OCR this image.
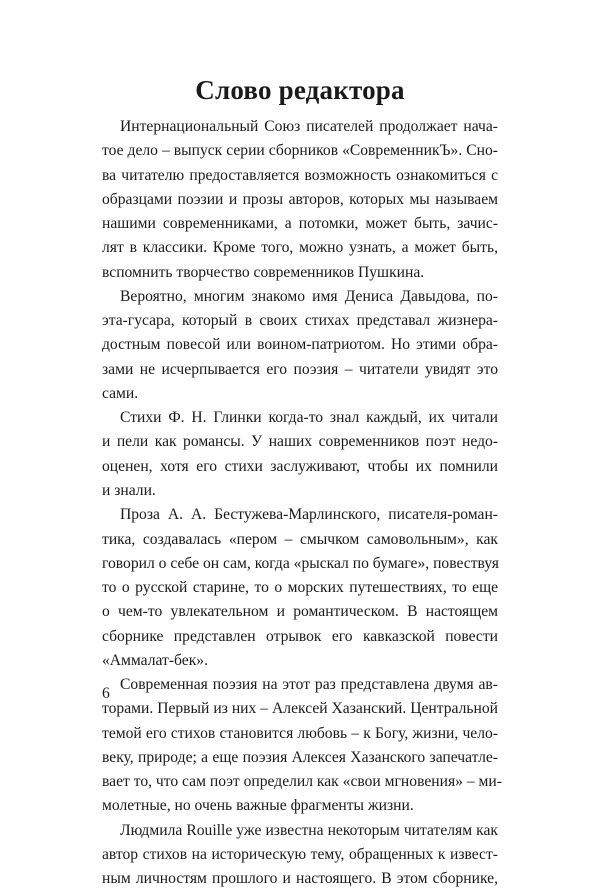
Слово редактора
Интернациональный Союз писателей продолжает нача-
тое дело – выпуск серии сборников «СовременникЪ». Сно-
ва читателю предоставляется возможность ознакомиться с
образцами поэзии и прозы авторов, которых мы называем
нашими современниками, а потомки, может быть, зачис-
лят в классики. Кроме того, можно узнать, а может быть,
вспомнить творчество современников Пушкина.
Вероятно, многим знакомо имя Дениса Давыдова, по-
эта-гусара, который в своих стихах представал жизнера-
достным повесой или воином-патриотом. Но этими обра-
зами не исчерпывается его поэзия – читатели увидят это
сами.
Стихи Ф. Н. Глинки когда-то знал каждый, их читали
и пели как романсы. У наших современников поэт недо-
оценен, хотя его стихи заслуживают, чтобы их помнили
и знали.
Проза А. А. Бестужева-Марлинского, писателя-роман-
тика, создавалась «пером – смычком самовольным», как
говорил о себе он сам, когда «рыскал по бумаге», повествуя
то о русской старине, то о морских путешествиях, то еще
о чем-то увлекательном и романтическом. В настоящем
сборнике представлен отрывок его кавказской повести
«Аммалат-бек».
Современная поэзия на этот раз представлена двумя ав-
торами. Первый из них – Алексей Хазанский. Центральной
темой его стихов становится любовь – к Богу, жизни, чело-
веку, природе; а еще поэзия Алексея Хазанского запечатле-
вает то, что сам поэт определил как «свои мгновения» – ми-
молетные, но очень важные фрагменты жизни.
Людмила Rouille уже известна некоторым читателям как
автор стихов на историческую тему, обращенных к извест-
ным личностям прошлого и настоящего. В этом сборнике,
6
